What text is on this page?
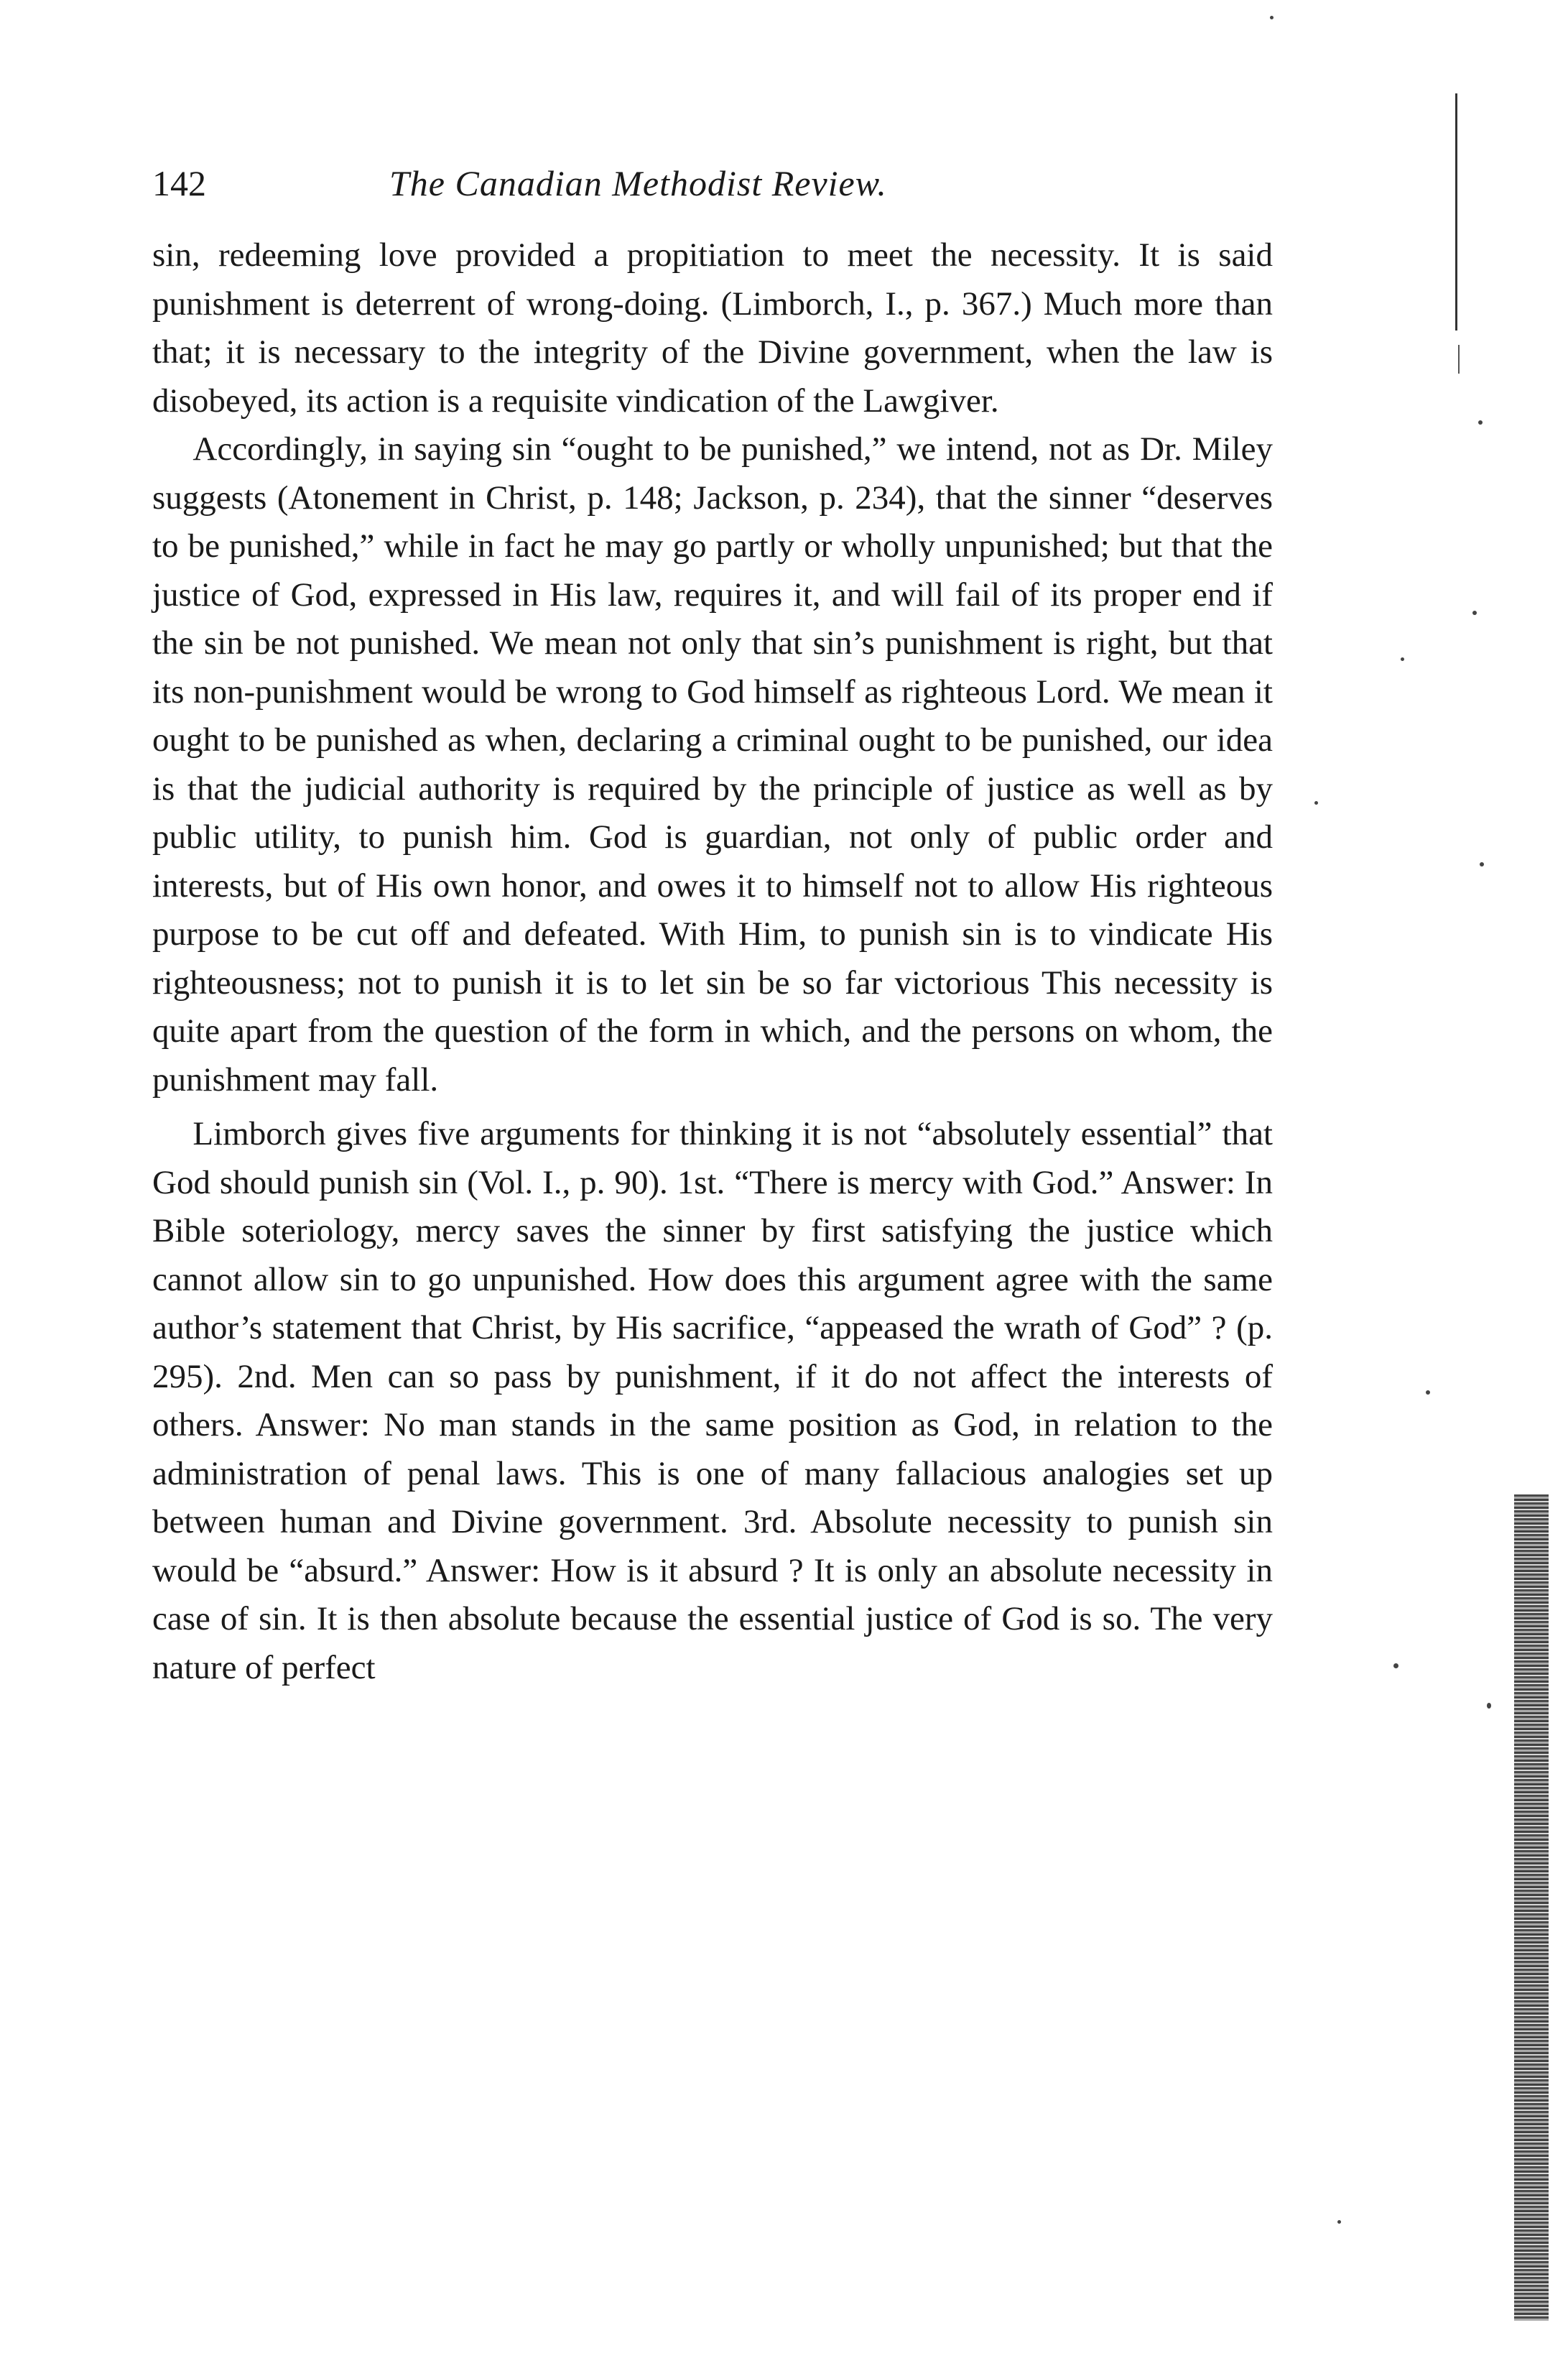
142	The Canadian Methodist Review.

sin, redeeming love provided a propitiation to meet the necessity. It is said punishment is deterrent of wrong-doing. (Limborch, I., p. 367.) Much more than that; it is necessary to the integrity of the Divine government, when the law is disobeyed, its action is a requisite vindication of the Lawgiver.

Accordingly, in saying sin “ought to be punished,” we intend, not as Dr. Miley suggests (Atonement in Christ, p. 148; Jackson, p. 234), that the sinner “deserves to be punished,” while in fact he may go partly or wholly unpunished; but that the justice of God, expressed in His law, requires it, and will fail of its proper end if the sin be not punished. We mean not only that sin’s punishment is right, but that its non-punishment would be wrong to God himself as righteous Lord. We mean it ought to be punished as when, declaring a criminal ought to be punished, our idea is that the judicial authority is required by the principle of justice as well as by public utility, to punish him. God is guardian, not only of public order and interests, but of His own honor, and owes it to himself not to allow His righteous purpose to be cut off and defeated. With Him, to punish sin is to vindicate His righteousness; not to punish it is to let sin be so far victorious This necessity is quite apart from the question of the form in which, and the persons on whom, the punishment may fall.

Limborch gives five arguments for thinking it is not “absolutely essential” that God should punish sin (Vol. I., p. 90). 1st. “There is mercy with God.” Answer: In Bible soteriology, mercy saves the sinner by first satisfying the justice which cannot allow sin to go unpunished. How does this argument agree with the same author’s statement that Christ, by His sacrifice, “appeased the wrath of God” ? (p. 295). 2nd. Men can so pass by punishment, if it do not affect the interests of others. Answer: No man stands in the same position as God, in relation to the administration of penal laws. This is one of many fallacious analogies set up between human and Divine government. 3rd. Absolute necessity to punish sin would be “absurd.” Answer: How is it absurd ? It is only an absolute necessity in case of sin. It is then absolute because the essential justice of God is so. The very nature of perfect
